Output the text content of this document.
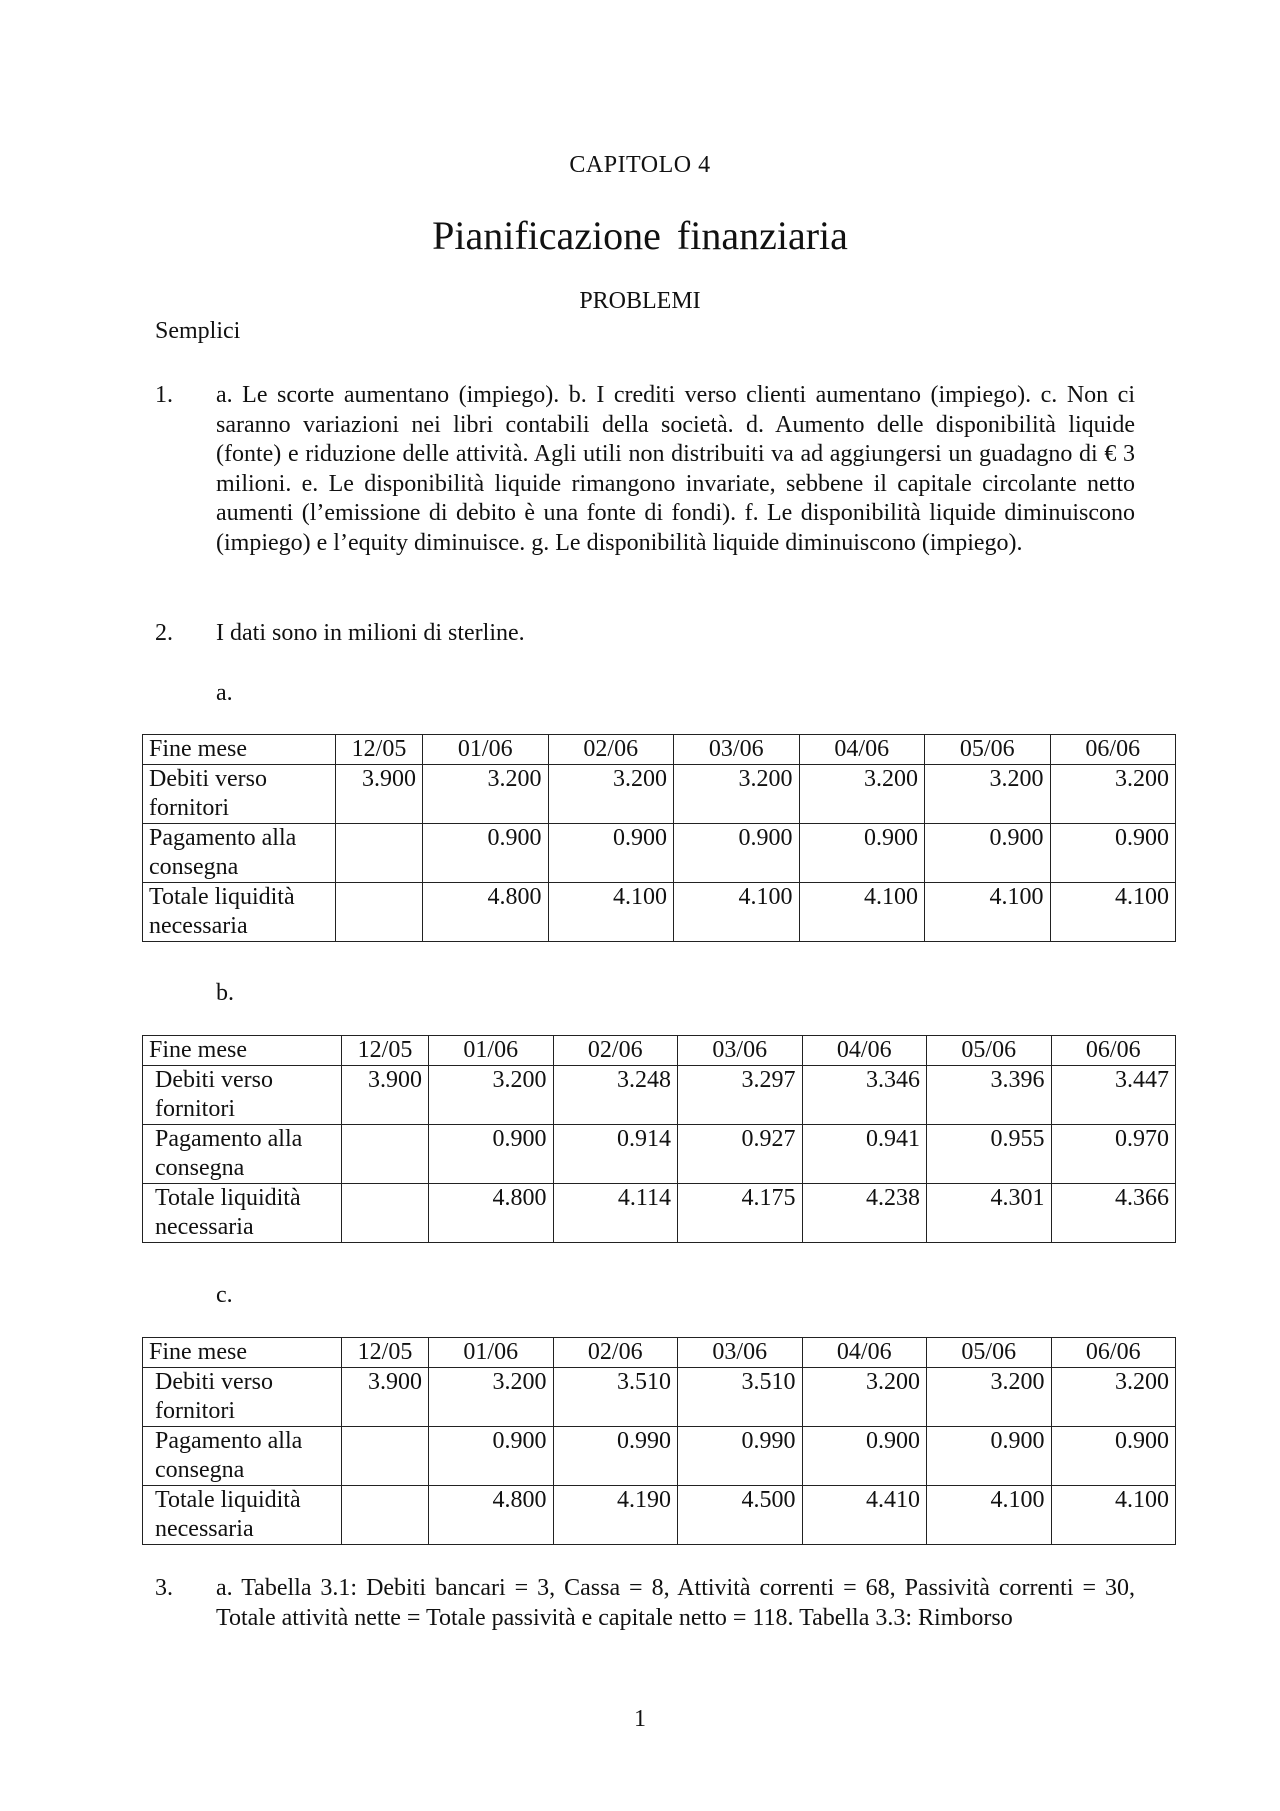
CAPITOLO 4
Pianificazione finanziaria
PROBLEMI
Semplici
1. a. Le scorte aumentano (impiego). b. I crediti verso clienti aumentano (impiego). c. Non ci saranno variazioni nei libri contabili della società. d. Aumento delle disponibilità liquide (fonte) e riduzione delle attività. Agli utili non distribuiti va ad aggiungersi un guadagno di € 3 milioni. e. Le disponibilità liquide rimangono invariate, sebbene il capitale circolante netto aumenti (l’emissione di debito è una fonte di fondi). f. Le disponibilità liquide diminuiscono (impiego) e l’equity diminuisce. g. Le disponibilità liquide diminuiscono (impiego).
2. I dati sono in milioni di sterline.
a.
Fine mese	12/05	01/06	02/06	03/06	04/06	05/06	06/06
Debiti verso
fornitori	3.900	3.200	3.200	3.200	3.200	3.200	3.200
Pagamento alla
consegna		0.900	0.900	0.900	0.900	0.900	0.900
Totale liquidità
necessaria		4.800	4.100	4.100	4.100	4.100	4.100
b.
Fine mese	12/05	01/06	02/06	03/06	04/06	05/06	06/06
Debiti verso
fornitori	3.900	3.200	3.248	3.297	3.346	3.396	3.447
Pagamento alla
consegna		0.900	0.914	0.927	0.941	0.955	0.970
Totale liquidità
necessaria		4.800	4.114	4.175	4.238	4.301	4.366
c.
Fine mese	12/05	01/06	02/06	03/06	04/06	05/06	06/06
Debiti verso
fornitori	3.900	3.200	3.510	3.510	3.200	3.200	3.200
Pagamento alla
consegna		0.900	0.990	0.990	0.900	0.900	0.900
Totale liquidità
necessaria		4.800	4.190	4.500	4.410	4.100	4.100
3. a. Tabella 3.1: Debiti bancari = 3, Cassa = 8, Attività correnti = 68, Passività correnti = 30, Totale attività nette = Totale passività e capitale netto = 118. Tabella 3.3: Rimborso
1
